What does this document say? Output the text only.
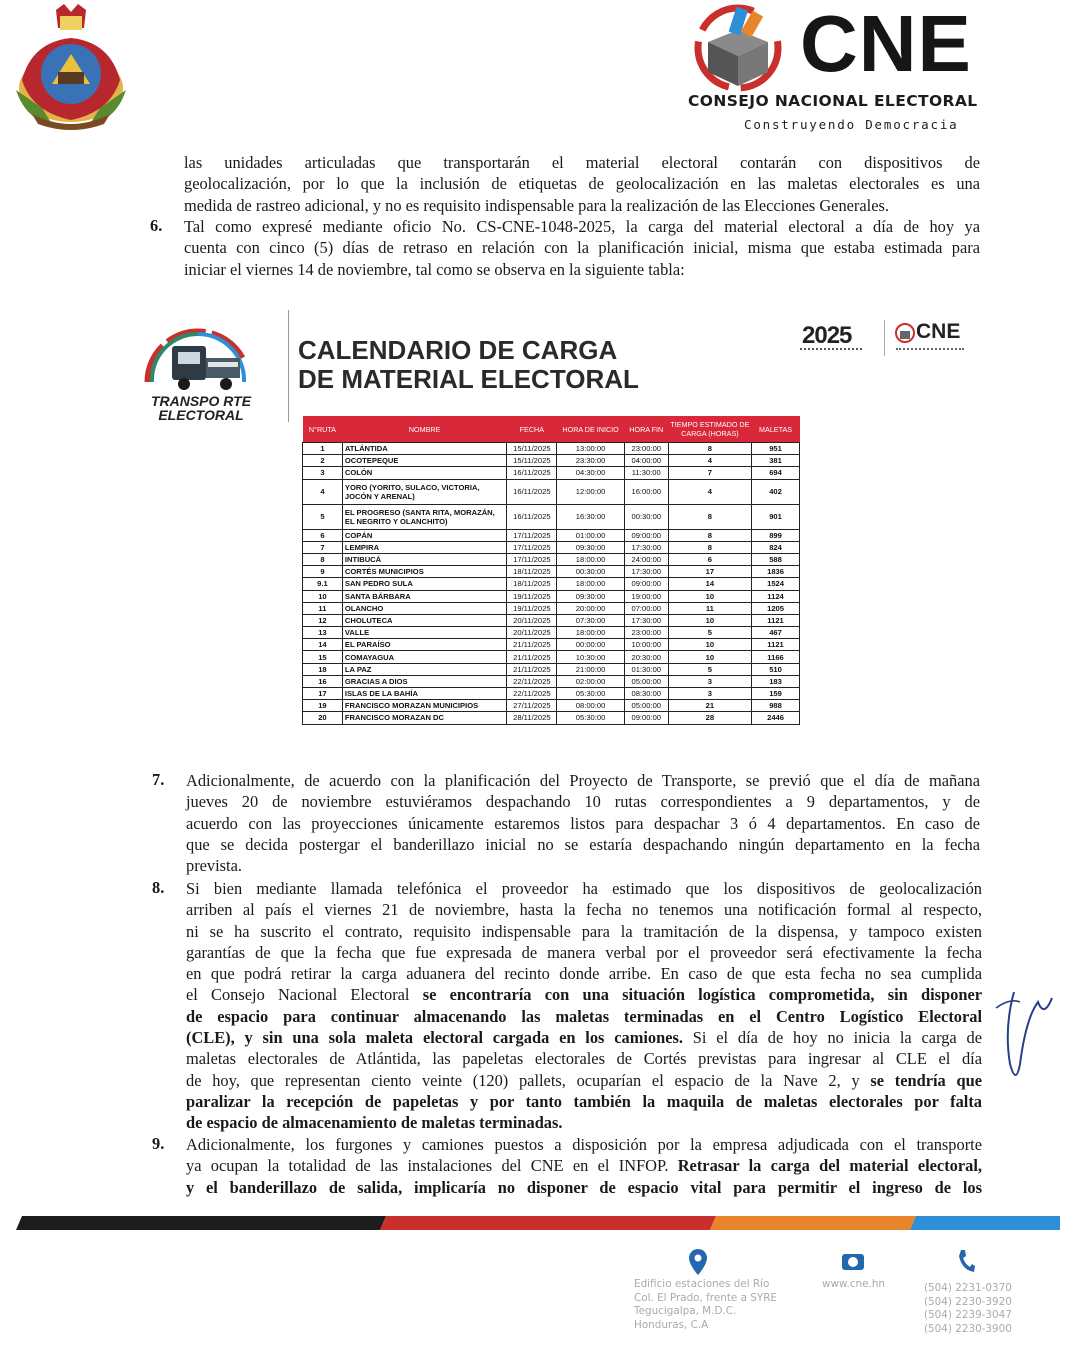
CNE
CONSEJO NACIONAL ELECTORAL
Construyendo Democracia
las unidades articuladas que transportarán el material electoral contarán con dispositivos de
geolocalización, por lo que la inclusión de etiquetas de geolocalización en las maletas electorales es una
medida de rastreo adicional, y no es requisito indispensable para la realización de las Elecciones Generales.
6. Tal como expresé mediante oficio No. CS-CNE-1048-2025, la carga del material electoral a día de hoy ya
cuenta con cinco (5) días de retraso en relación con la planificación inicial, misma que estaba estimada para
iniciar el viernes 14 de noviembre, tal como se observa en la siguiente tabla:
TRANSPO RTE
ELECTORAL
CALENDARIO DE CARGA
DE MATERIAL ELECTORAL
2025	CNE
N°RUTA	NOMBRE	FECHA	HORA DE INICIO	HORA FIN	TIEMPO ESTIMADO DE CARGA (HORAS)	MALETAS
1	ATLÁNTIDA	15/11/2025	13:00:00	23:00:00	8	951
2	OCOTEPEQUE	15/11/2025	23:30:00	04:00:00	4	381
3	COLÓN	16/11/2025	04:30:00	11:30:00	7	694
4	YORO (YORITO, SULACO, VICTORIA, JOCÓN Y ARENAL)	16/11/2025	12:00:00	16:00:00	4	402
5	EL PROGRESO (SANTA RITA, MORAZÁN, EL NEGRITO Y OLANCHITO)	16/11/2025	16:30:00	00:30:00	8	901
6	COPÁN	17/11/2025	01:00:00	09:00:00	8	899
7	LEMPIRA	17/11/2025	09:30:00	17:30:00	8	824
8	INTIBUCÁ	17/11/2025	18:00:00	24:00:00	6	588
9	CORTÉS MUNICIPIOS	18/11/2025	00:30:00	17:30:00	17	1836
9.1	SAN PEDRO SULA	18/11/2025	18:00:00	09:00:00	14	1524
10	SANTA BÁRBARA	19/11/2025	09:30:00	19:00:00	10	1124
11	OLANCHO	19/11/2025	20:00:00	07:00:00	11	1205
12	CHOLUTECA	20/11/2025	07:30:00	17:30:00	10	1121
13	VALLE	20/11/2025	18:00:00	23:00:00	5	467
14	EL PARAÍSO	21/11/2025	00:00:00	10:00:00	10	1121
15	COMAYAGUA	21/11/2025	10:30:00	20:30:00	10	1166
18	LA PAZ	21/11/2025	21:00:00	01:30:00	5	510
16	GRACIAS A DIOS	22/11/2025	02:00:00	05:00:00	3	183
17	ISLAS DE LA BAHÍA	22/11/2025	05:30:00	08:30:00	3	159
19	FRANCISCO MORAZAN MUNICIPIOS	27/11/2025	08:00:00	05:00:00	21	988
20	FRANCISCO MORAZAN DC	28/11/2025	05:30:00	09:00:00	28	2446
7. Adicionalmente, de acuerdo con la planificación del Proyecto de Transporte, se previó que el día de mañana
jueves 20 de noviembre estuviéramos despachando 10 rutas correspondientes a 9 departamentos, y de
acuerdo con las proyecciones únicamente estaremos listos para despachar 3 ó 4 departamentos. En caso de
que se decida postergar el banderillazo inicial no se estaría despachando ningún departamento en la fecha
prevista.
8. Si bien mediante llamada telefónica el proveedor ha estimado que los dispositivos de geolocalización
arriben al país el viernes 21 de noviembre, hasta la fecha no tenemos una notificación formal al respecto,
ni se ha suscrito el contrato, requisito indispensable para la tramitación de la dispensa, y tampoco existen
garantías de que la fecha que fue expresada de manera verbal por el proveedor será efectivamente la fecha
en que podrá retirar la carga aduanera del recinto donde arribe. En caso de que esta fecha no sea cumplida
el Consejo Nacional Electoral se encontraría con una situación logística comprometida, sin disponer
de espacio para continuar almacenando las maletas terminadas en el Centro Logístico Electoral
(CLE), y sin una sola maleta electoral cargada en los camiones. Si el día de hoy no inicia la carga de
maletas electorales de Atlántida, las papeletas electorales de Cortés previstas para ingresar al CLE el día
de hoy, que representan ciento veinte (120) pallets, ocuparían el espacio de la Nave 2, y se tendría que
paralizar la recepción de papeletas y por tanto también la maquila de maletas electorales por falta
de espacio de almacenamiento de maletas terminadas.
9. Adicionalmente, los furgones y camiones puestos a disposición por la empresa adjudicada con el transporte
ya ocupan la totalidad de las instalaciones del CNE en el INFOP. Retrasar la carga del material electoral,
y el banderillazo de salida, implicaría no disponer de espacio vital para permitir el ingreso de los
Edificio estaciones del Río
Col. El Prado, frente a SYRE
Tegucigalpa, M.D.C.
Honduras, C.A
www.cne.hn	(504) 2231-0370
(504) 2230-3920
(504) 2239-3047
(504) 2230-3900
